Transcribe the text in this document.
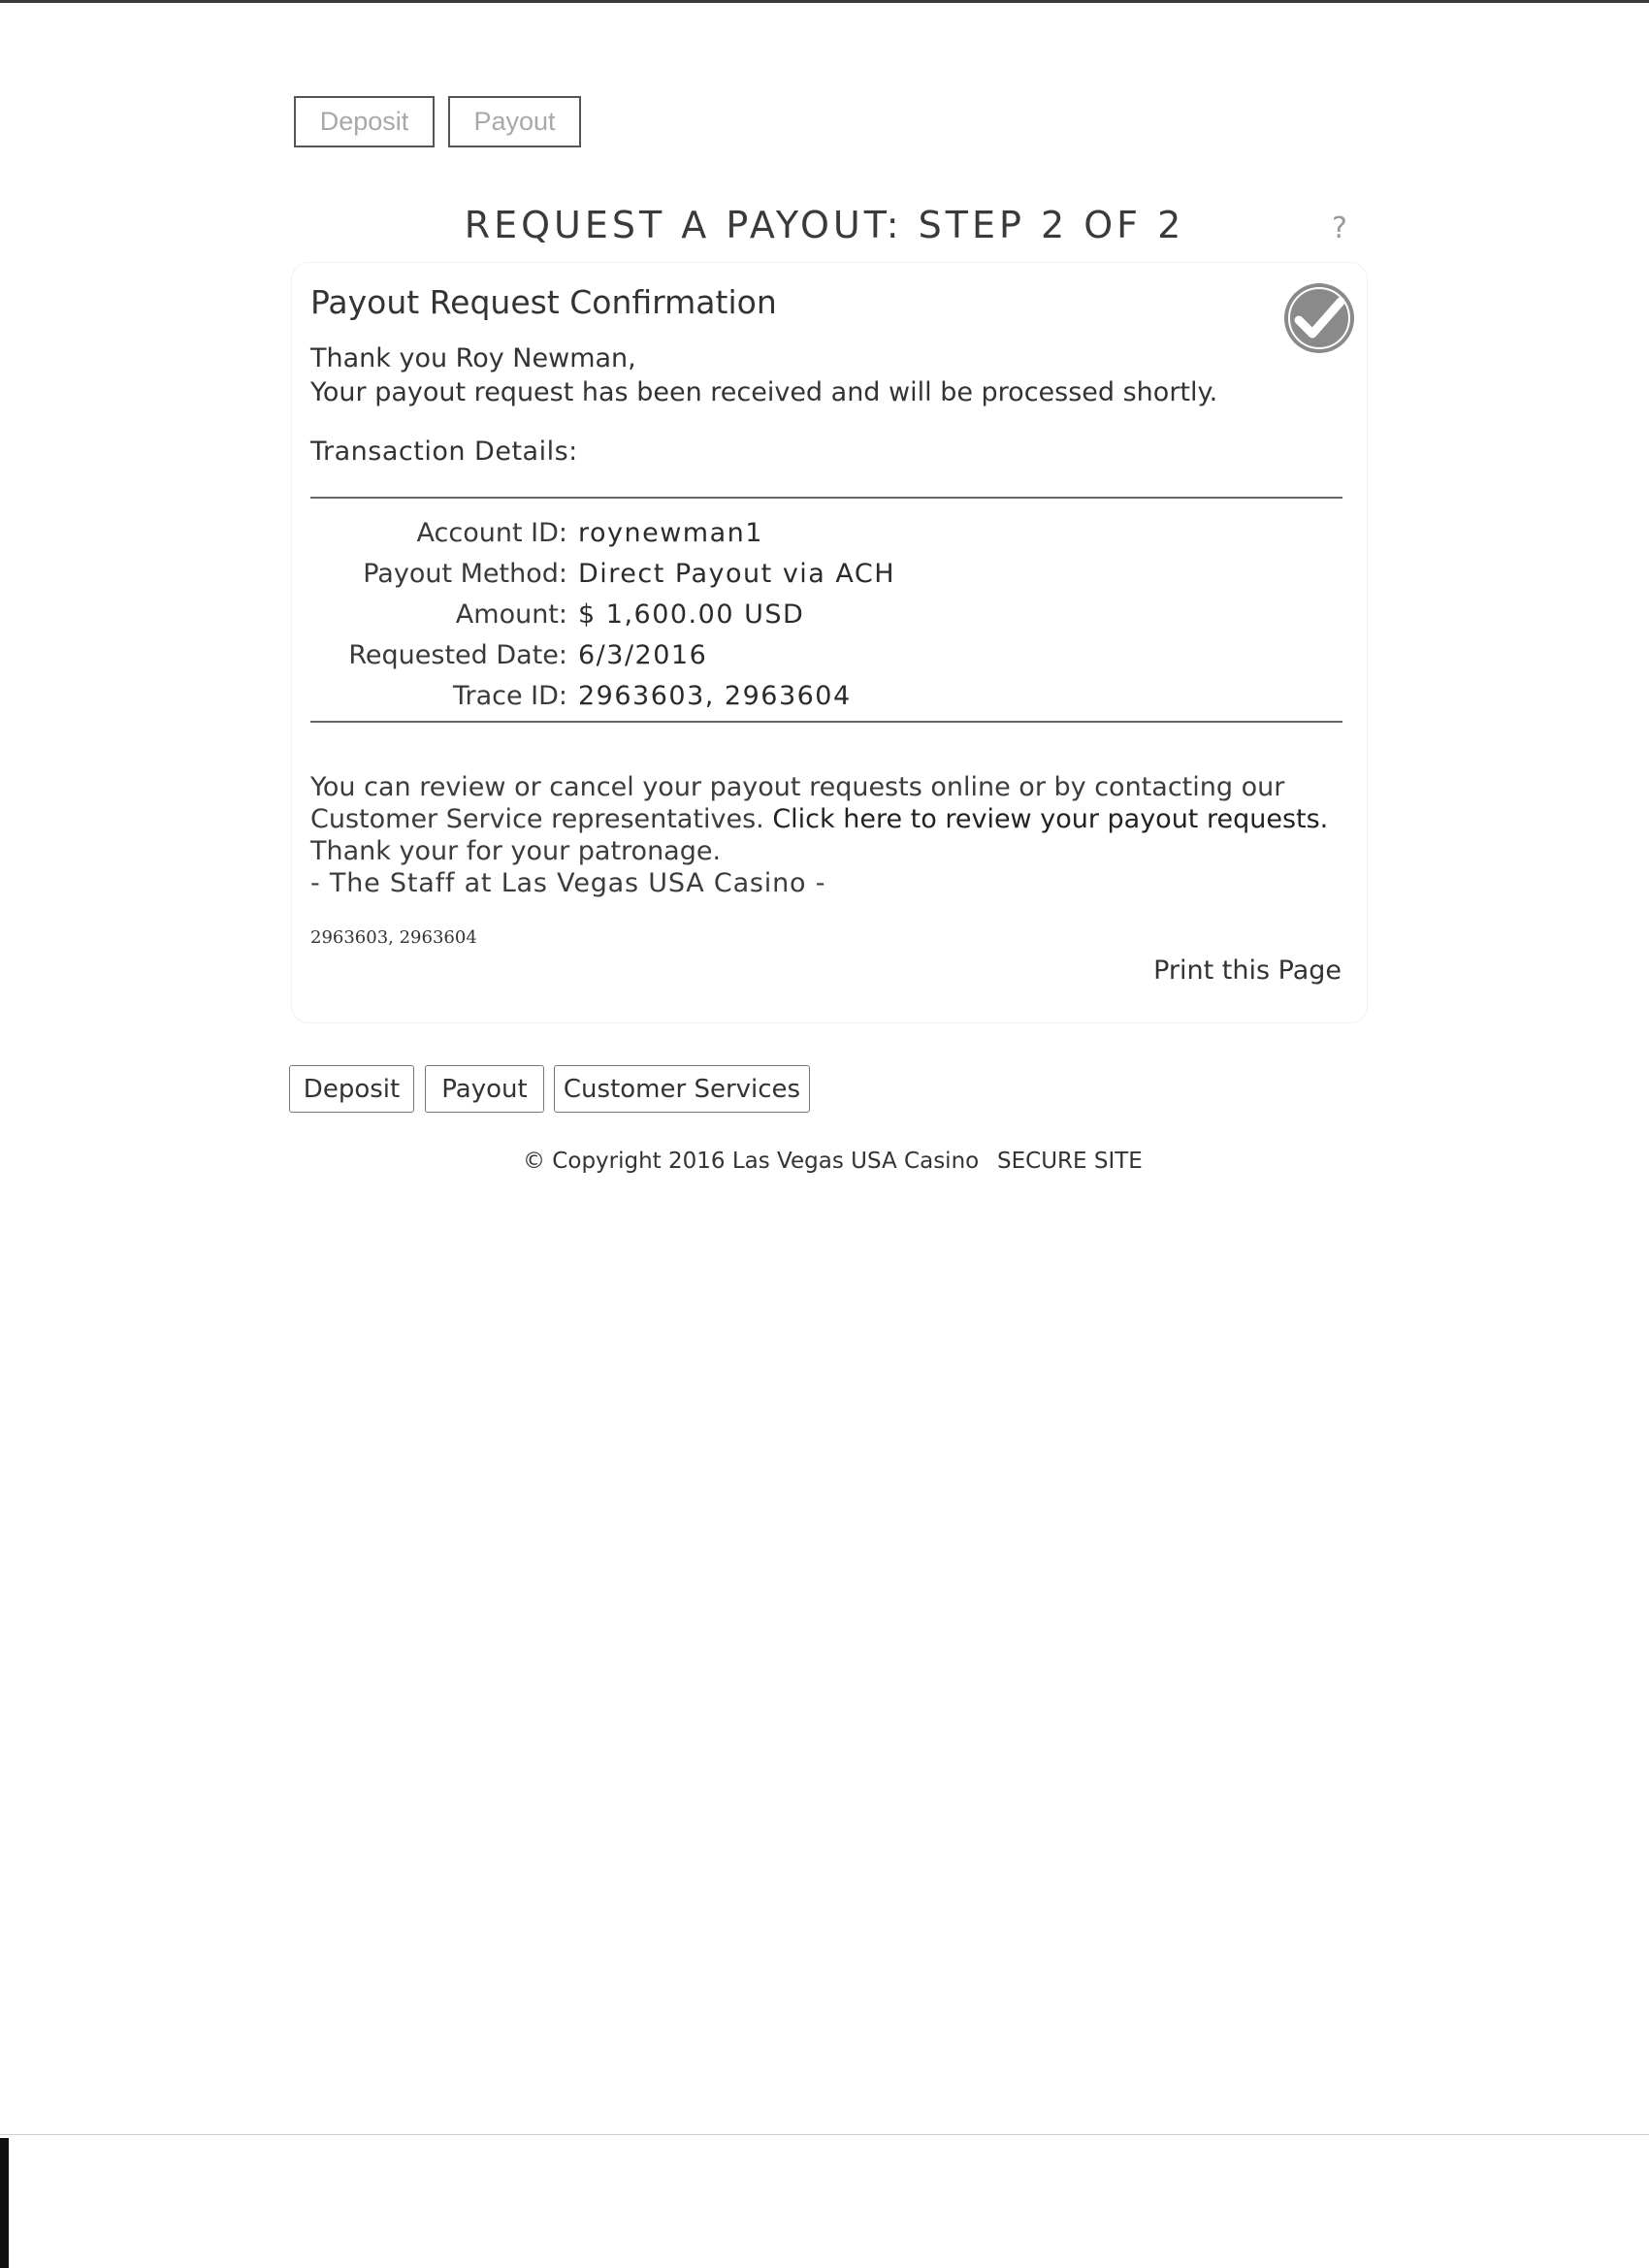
Deposit	Payout
REQUEST A PAYOUT: STEP 2 OF 2	?
Payout Request Confirmation
Thank you Roy Newman,
Your payout request has been received and will be processed shortly.
Transaction Details:
Account ID: roynewman1
Payout Method: Direct Payout via ACH
Amount: $ 1,600.00 USD
Requested Date: 6/3/2016
Trace ID: 2963603, 2963604
You can review or cancel your payout requests online or by contacting our
Customer Service representatives. Click here to review your payout requests.
Thank your for your patronage.
- The Staff at Las Vegas USA Casino -
2963603, 2963604
Print this Page
Deposit	Payout	Customer Services
© Copyright 2016 Las Vegas USA Casino SECURE SITE
